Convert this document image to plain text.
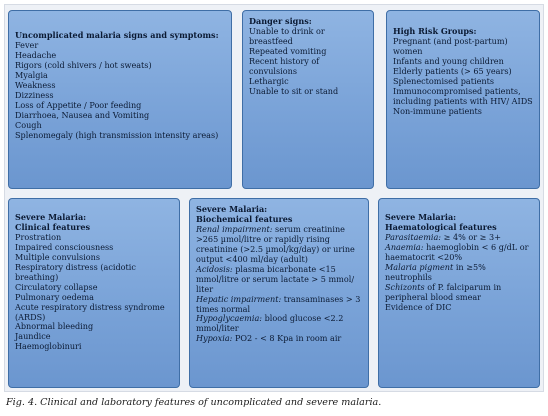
Uncomplicated malaria signs and symptoms:
Fever
Headache
Rigors (cold shivers / hot sweats)
Myalgia
Weakness
Dizziness
Loss of Appetite / Poor feeding
Diarrhoea, Nausea and Vomiting
Cough
Splenomegaly (high transmission intensity areas)
Danger signs:
Unable to drink or breastfeed
Repeated vomiting
Recent history of convulsions
Lethargic
Unable to sit or stand
High Risk Groups:
Pregnant (and post-partum) women
Infants and young children
Elderly patients (> 65 years)
Splenectomised patients
Immunocompromised patients, including patients with HIV/ AIDS
Non-immune patients
Severe Malaria:
Clinical features
Prostration
Impaired consciousness
Multiple convulsions
Respiratory distress (acidotic breathing)
Circulatory collapse
Pulmonary oedema
Acute respiratory distress syndrome (ARDS)
Abnormal bleeding
Jaundice
Haemoglobinuri
Severe Malaria:
Biochemical features
Renal impairment: serum creatinine >265 µmol/litre or rapidly rising creatinine (>2.5 µmol/kg/day) or urine output <400 ml/day (adult)
Acidosis: plasma bicarbonate <15 mmol/litre or serum lactate > 5 mmol/ liter
Hepatic impairment: transaminases > 3 times normal
Hypoglycaemia: blood glucose <2.2 mmol/liter
Hypoxia: PO2 - < 8 Kpa in room air
Severe Malaria:
Haematological features
Parasitaemia: ≥ 4% or ≥ 3+
Anaemia: haemoglobin < 6 g/dL or haematocrit <20%
Malaria pigment in ≥5% neutrophils
Schizonts of P. falciparum in peripheral blood smear
Evidence of DIC
Fig. 4. Clinical and laboratory features of uncomplicated and severe malaria.
